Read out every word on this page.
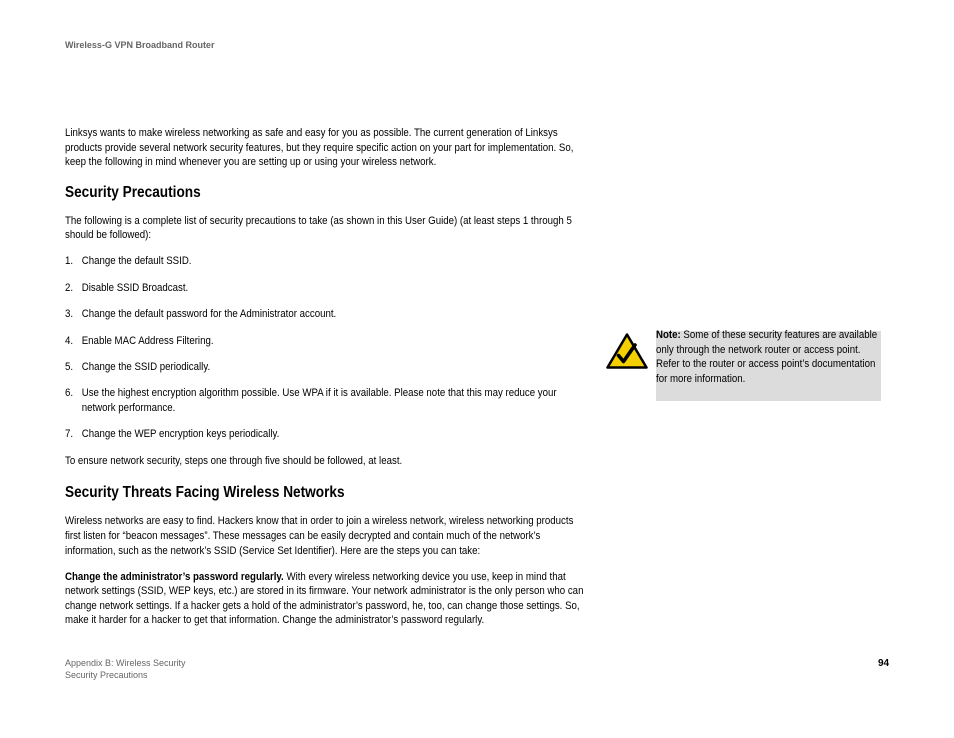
Wireless-G VPN Broadband Router

Linksys wants to make wireless networking as safe and easy for you as possible. The current generation of Linksys products provide several network security features, but they require specific action on your part for implementation. So, keep the following in mind whenever you are setting up or using your wireless network.

Security Precautions

The following is a complete list of security precautions to take (as shown in this User Guide) (at least steps 1 through 5 should be followed):

1. Change the default SSID.
2. Disable SSID Broadcast.
3. Change the default password for the Administrator account.
4. Enable MAC Address Filtering.
5. Change the SSID periodically.
6. Use the highest encryption algorithm possible. Use WPA if it is available. Please note that this may reduce your network performance.
7. Change the WEP encryption keys periodically.

To ensure network security, steps one through five should be followed, at least.

Security Threats Facing Wireless Networks

Wireless networks are easy to find. Hackers know that in order to join a wireless network, wireless networking products first listen for “beacon messages”. These messages can be easily decrypted and contain much of the network’s information, such as the network’s SSID (Service Set Identifier). Here are the steps you can take:

Change the administrator’s password regularly. With every wireless networking device you use, keep in mind that network settings (SSID, WEP keys, etc.) are stored in its firmware. Your network administrator is the only person who can change network settings. If a hacker gets a hold of the administrator’s password, he, too, can change those settings. So, make it harder for a hacker to get that information. Change the administrator’s password regularly.

Note: Some of these security features are available only through the network router or access point. Refer to the router or access point’s documentation for more information.
Appendix B: Wireless Security
Security Precautions
94
